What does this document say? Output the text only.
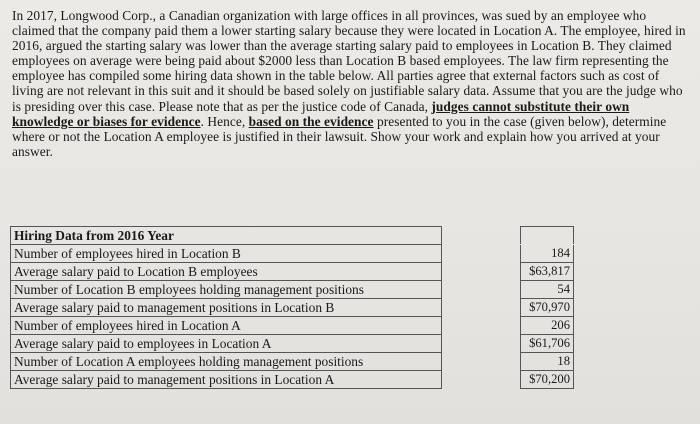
In 2017, Longwood Corp., a Canadian organization with large offices in all provinces, was sued by an employee who claimed that the company paid them a lower starting salary because they were located in Location A. The employee, hired in 2016, argued the starting salary was lower than the average starting salary paid to employees in Location B. They claimed employees on average were being paid about $2000 less than Location B based employees. The law firm representing the employee has compiled some hiring data shown in the table below. All parties agree that external factors such as cost of living are not relevant in this suit and it should be based solely on justifiable salary data. Assume that you are the judge who is presiding over this case. Please note that as per the justice code of Canada, judges cannot substitute their own knowledge or biases for evidence. Hence, based on the evidence presented to you in the case (given below), determine where or not the Location A employee is justified in their lawsuit. Show your work and explain how you arrived at your answer.

Hiring Data from 2016 Year		
Number of employees hired in Location B		184
Average salary paid to Location B employees		$63,817
Number of Location B employees holding management positions		54
Average salary paid to management positions in Location B		$70,970
Number of employees hired in Location A		206
Average salary paid to employees in Location A		$61,706
Number of Location A employees holding management positions		18
Average salary paid to management positions in Location A		$70,200
